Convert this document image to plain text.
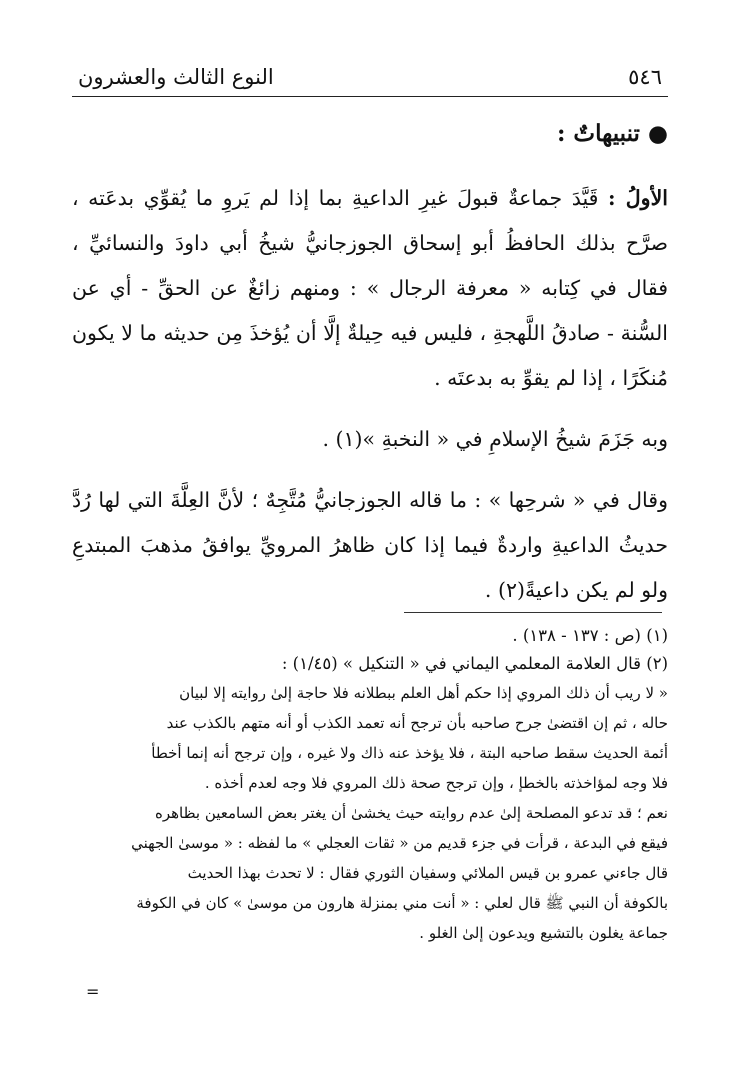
النوع الثالث والعشرون	٥٤٦
●تنبيهاتٌ :

الأولُ : قَيَّدَ جماعةٌ قبولَ غيرِ الداعيةِ بما إذا لم يَروِ ما يُقوِّي بدعَته ، صرَّح بذلك الحافظُ أبو إسحاق الجوزجانيُّ شيخُ أبي داودَ والنسائيِّ ، فقال في كِتابه « معرفة الرجال » : ومنهم زائغٌ عن الحقِّ - أي عن السُّنة - صادقُ اللَّهجةِ ، فليس فيه حِيلةٌ إلَّا أن يُؤخذَ مِن حديثه ما لا يكون مُنكَرًا ، إذا لم يقوِّ به بدعتَه .

وبه جَزَمَ شيخُ الإسلامِ في « النخبةِ »(١) .

وقال في « شرحِها » : ما قاله الجوزجانيُّ مُتَّجِهٌ ؛ لأنَّ العِلَّةَ التي لها رُدَّ حديثُ الداعيةِ واردةٌ فيما إذا كان ظاهرُ المرويِّ يوافقُ مذهبَ المبتدعِ ولو لم يكن داعيةً(٢) .

(١) (ص : ١٣٧ - ١٣٨) .

(٢) قال العلامة المعلمي اليماني في « التنكيل » (١/٤٥) :

« لا ريب أن ذلك المروي إذا حكم أهل العلم ببطلانه فلا حاجة إلىٰ روايته إلا لبيان

حاله ، ثم إن اقتضىٰ جرح صاحبه بأن ترجح أنه تعمد الكذب أو أنه متهم بالكذب عند

أئمة الحديث سقط صاحبه البتة ، فلا يؤخذ عنه ذاك ولا غيره ، وإن ترجح أنه إنما أخطأ

فلا وجه لمؤاخذته بالخطإ ، وإن ترجح صحة ذلك المروي فلا وجه لعدم أخذه .

نعم ؛ قد تدعو المصلحة إلىٰ عدم روايته حيث يخشىٰ أن يغتر بعض السامعين بظاهره

فيقع في البدعة ، قرأت في جزء قديم من « ثقات العجلي » ما لفظه : « موسىٰ الجهني

قال جاءني عمرو بن قيس الملائي وسفيان الثوري فقال : لا تحدث بهذا الحديث

بالكوفة أن النبي ﷺ قال لعلي : « أنت مني بمنزلة هارون من موسىٰ » كان في الكوفة

جماعة يغلون بالتشيع ويدعون إلىٰ الغلو .

=
